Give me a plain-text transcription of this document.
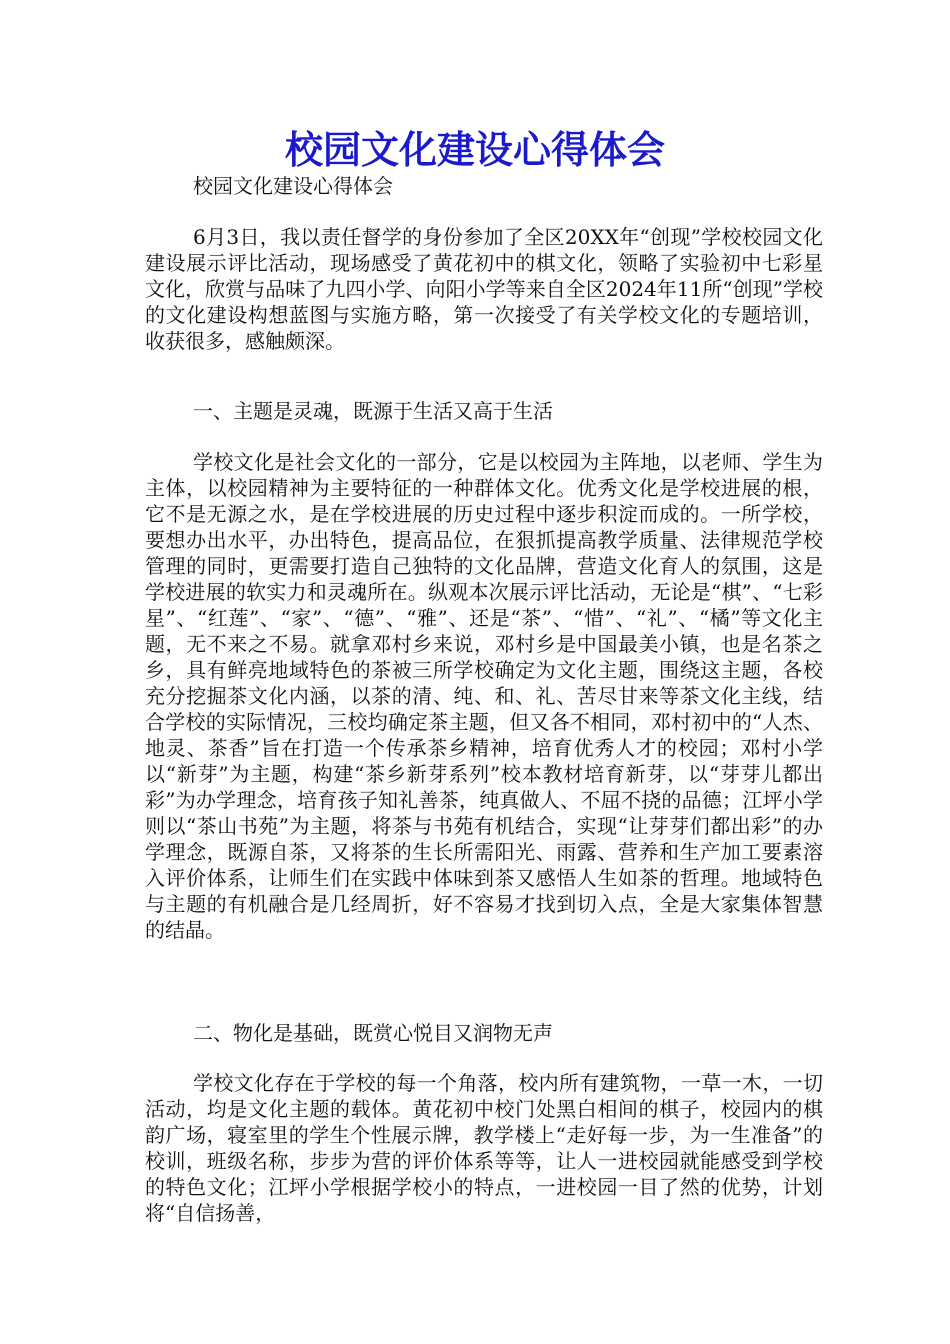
校园文化建设心得体会

校园文化建设心得体会

6月3日，我以责任督学的身份参加了全区20XX年“创现”学校校园文化建设展示评比活动，现场感受了黄花初中的棋文化，领略了实验初中七彩星文化，欣赏与品味了九四小学、向阳小学等来自全区2024年11所“创现”学校的文化建设构想蓝图与实施方略，第一次接受了有关学校文化的专题培训，收获很多，感触颇深。

一、主题是灵魂，既源于生活又高于生活

学校文化是社会文化的一部分，它是以校园为主阵地，以老师、学生为主体，以校园精神为主要特征的一种群体文化。优秀文化是学校进展的根，它不是无源之水，是在学校进展的历史过程中逐步积淀而成的。一所学校，要想办出水平，办出特色，提高品位，在狠抓提高教学质量、法律规范学校管理的同时，更需要打造自己独特的文化品牌，营造文化育人的氛围，这是学校进展的软实力和灵魂所在。纵观本次展示评比活动，无论是“棋”、“七彩星”、“红莲”、“家”、“德”、“雅”、还是“茶”、“惜”、“礼”、“橘”等文化主题，无不来之不易。就拿邓村乡来说，邓村乡是中国最美小镇，也是名茶之乡，具有鲜亮地域特色的茶被三所学校确定为文化主题，围绕这主题，各校充分挖掘茶文化内涵，以茶的清、纯、和、礼、苦尽甘来等茶文化主线，结合学校的实际情况，三校均确定茶主题，但又各不相同，邓村初中的“人杰、地灵、茶香”旨在打造一个传承茶乡精神，培育优秀人才的校园；邓村小学以“新芽”为主题，构建“茶乡新芽系列”校本教材培育新芽，以“芽芽儿都出彩”为办学理念，培育孩子知礼善茶，纯真做人、不屈不挠的品德；江坪小学则以“茶山书苑”为主题，将茶与书苑有机结合，实现“让芽芽们都出彩”的办学理念，既源自茶，又将茶的生长所需阳光、雨露、营养和生产加工要素溶入评价体系，让师生们在实践中体味到茶又感悟人生如茶的哲理。地域特色与主题的有机融合是几经周折，好不容易才找到切入点，全是大家集体智慧的结晶。

二、物化是基础，既赏心悦目又润物无声

学校文化存在于学校的每一个角落，校内所有建筑物，一草一木，一切活动，均是文化主题的载体。黄花初中校门处黑白相间的棋子，校园内的棋韵广场，寝室里的学生个性展示牌，教学楼上“走好每一步，为一生准备”的校训，班级名称，步步为营的评价体系等等，让人一进校园就能感受到学校的特色文化；江坪小学根据学校小的特点，一进校园一目了然的优势，计划将“自信扬善，
